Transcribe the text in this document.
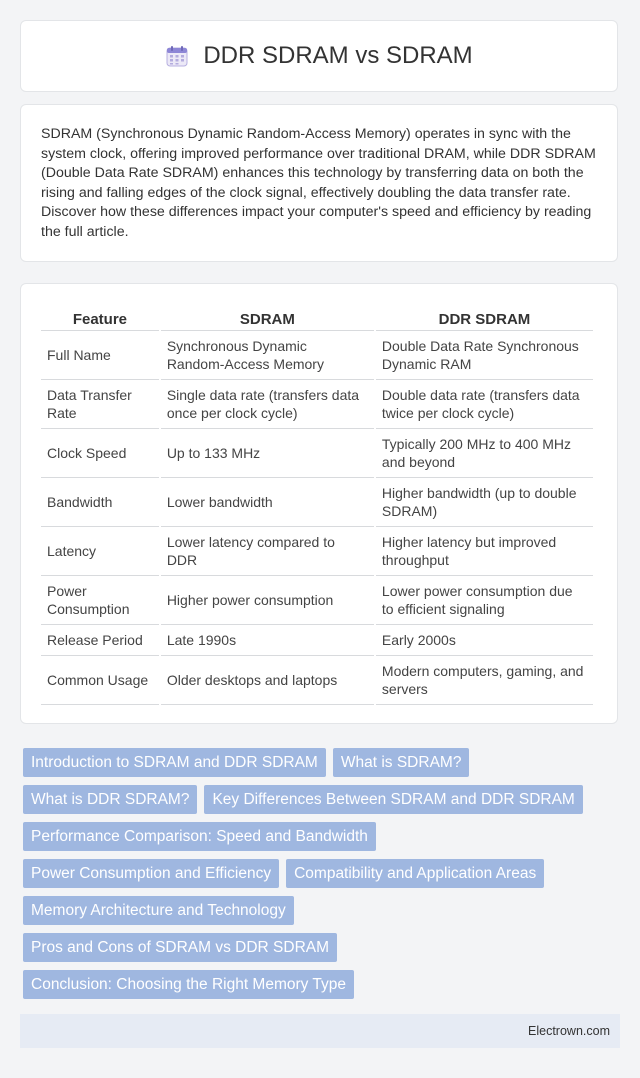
DDR SDRAM vs SDRAM

SDRAM (Synchronous Dynamic Random-Access Memory) operates in sync with the system clock, offering improved performance over traditional DRAM, while DDR SDRAM (Double Data Rate SDRAM) enhances this technology by transferring data on both the rising and falling edges of the clock signal, effectively doubling the data transfer rate. Discover how these differences impact your computer's speed and efficiency by reading the full article.

Feature	SDRAM	DDR SDRAM
Full Name	Synchronous Dynamic Random-Access Memory	Double Data Rate Synchronous Dynamic RAM
Data Transfer Rate	Single data rate (transfers data once per clock cycle)	Double data rate (transfers data twice per clock cycle)
Clock Speed	Up to 133 MHz	Typically 200 MHz to 400 MHz and beyond
Bandwidth	Lower bandwidth	Higher bandwidth (up to double SDRAM)
Latency	Lower latency compared to DDR	Higher latency but improved throughput
Power Consumption	Higher power consumption	Lower power consumption due to efficient signaling
Release Period	Late 1990s	Early 2000s
Common Usage	Older desktops and laptops	Modern computers, gaming, and servers
Introduction to SDRAM and DDR SDRAM	What is SDRAM?
What is DDR SDRAM?	Key Differences Between SDRAM and DDR SDRAM
Performance Comparison: Speed and Bandwidth
Power Consumption and Efficiency	Compatibility and Application Areas
Memory Architecture and Technology
Pros and Cons of SDRAM vs DDR SDRAM
Conclusion: Choosing the Right Memory Type
Electrown.com
